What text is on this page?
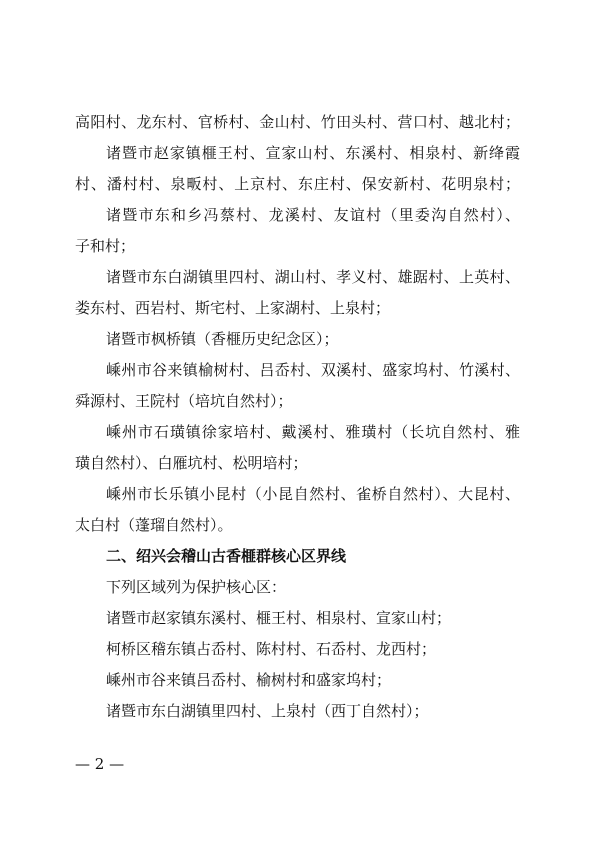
高阳村、龙东村、官桥村、金山村、竹田头村、营口村、越北村；
诸暨市赵家镇榧王村、宣家山村、东溪村、相泉村、新绛霞
村、潘村村、泉畈村、上京村、东庄村、保安新村、花明泉村；
诸暨市东和乡冯蔡村、龙溪村、友谊村（里委沟自然村）、
子和村；
诸暨市东白湖镇里四村、湖山村、孝义村、雄踞村、上英村、
娄东村、西岩村、斯宅村、上家湖村、上泉村；
诸暨市枫桥镇（香榧历史纪念区）；
嵊州市谷来镇榆树村、吕岙村、双溪村、盛家坞村、竹溪村、
舜源村、王院村（培坑自然村）；
嵊州市石璜镇徐家培村、戴溪村、雅璜村（长坑自然村、雅
璜自然村）、白雁坑村、松明培村；
嵊州市长乐镇小昆村（小昆自然村、雀桥自然村）、大昆村、
太白村（蓬瑠自然村）。
二、绍兴会稽山古香榧群核心区界线
下列区域列为保护核心区：
诸暨市赵家镇东溪村、榧王村、相泉村、宣家山村；
柯桥区稽东镇占岙村、陈村村、石岙村、龙西村；
嵊州市谷来镇吕岙村、榆树村和盛家坞村；
诸暨市东白湖镇里四村、上泉村（西丁自然村）；
— 2 —
